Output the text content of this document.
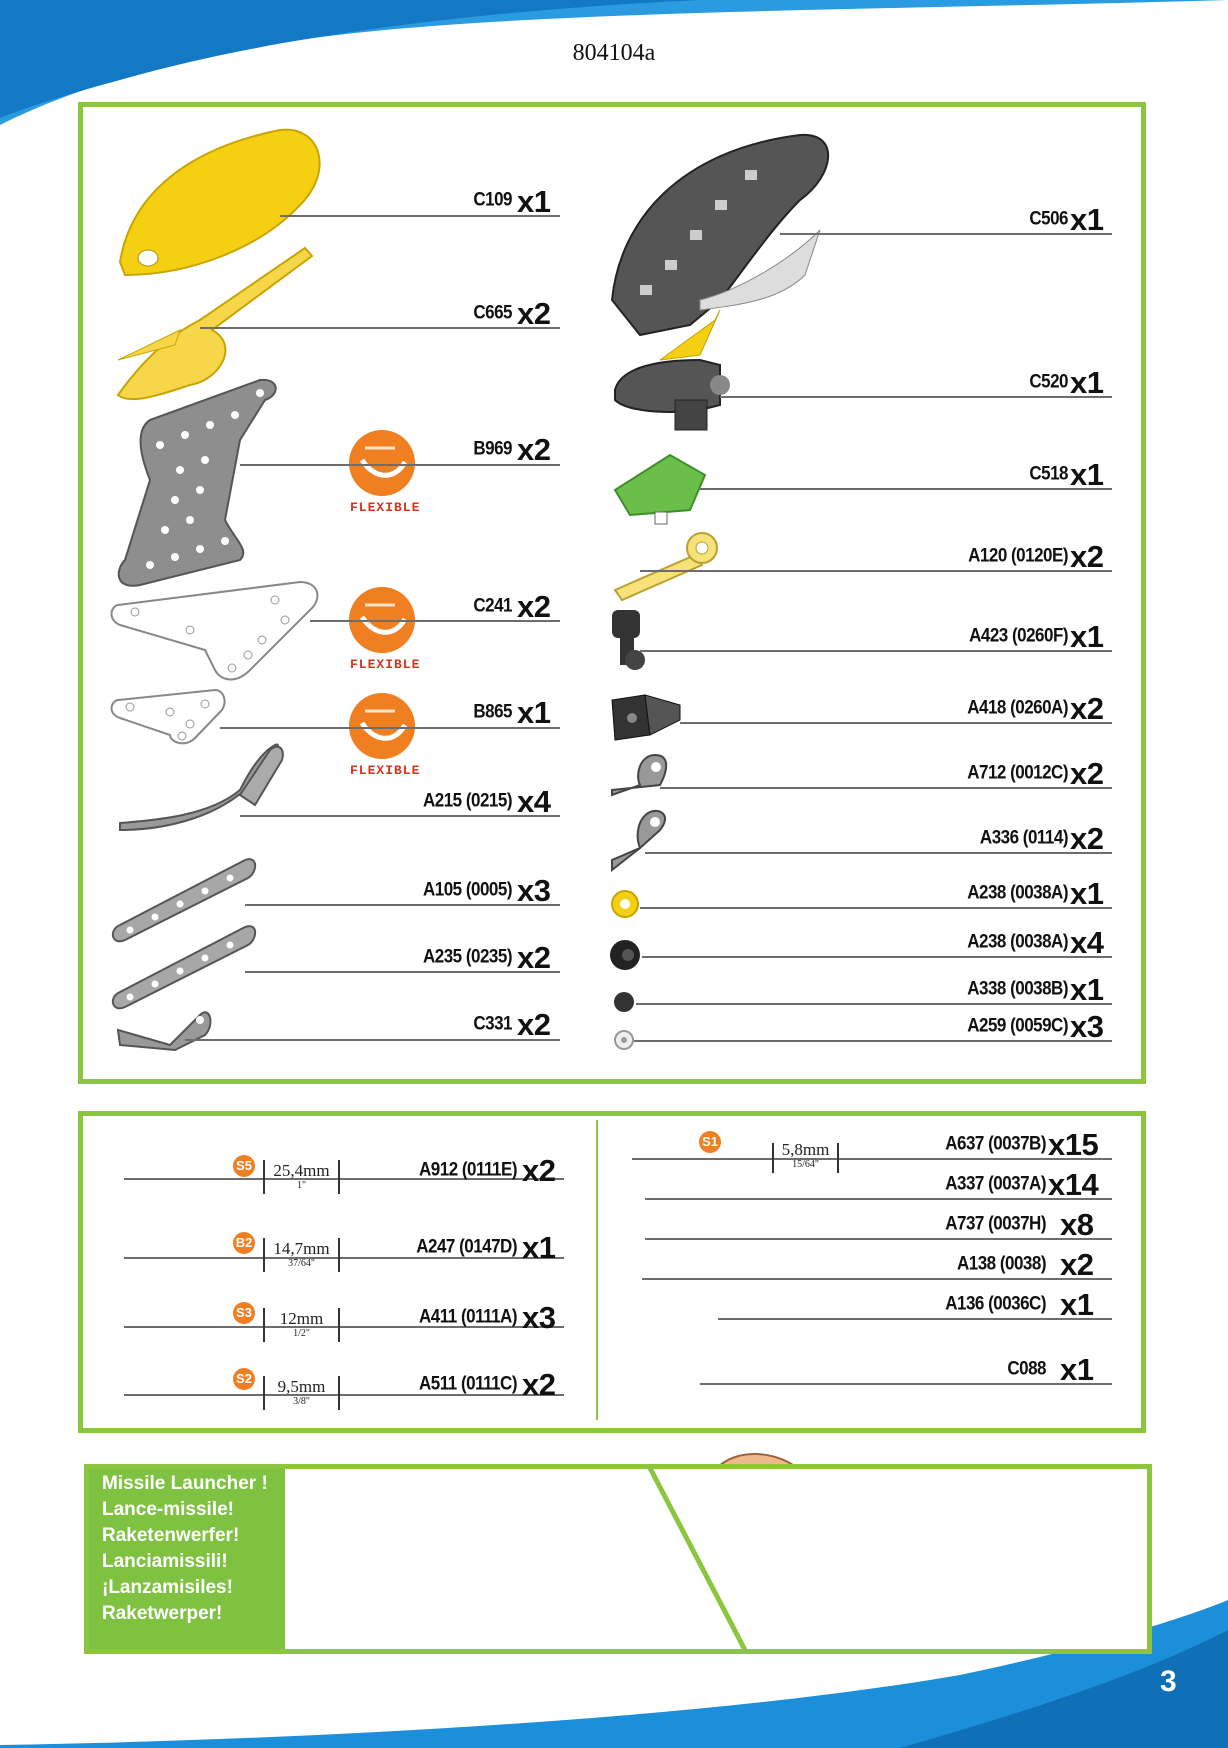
3
804104a
FLEXIBLE
FLEXIBLE
FLEXIBLE
C109 x1
C665 x2
B969 x2
C241 x2
B865 x1
A215 (0215) x4
A105 (0005) x3
A235 (0235) x2
C331 x2
C506 x1
C520 x1
C518 x1
A120 (0120E) x2
A423 (0260F) x1
A418 (0260A) x2
A712 (0012C) x2
A336 (0114) x2
A238 (0038A) x1
A238 (0038A) x4
A338 (0038B) x1
A259 (0059C) x3
S5	25,4mm
1"
A912 (0111E) x2
B2	14,7mm
37/64"
A247 (0147D) x1
S3	12mm
1/2"
A411 (0111A) x3
S2	9,5mm
3/8"
A511 (0111C) x2
S1	5,8mm
15/64"
A637 (0037B) x15
A337 (0037A) x14
A737 (0037H) x8
A138 (0038) x2
A136 (0036C) x1
C088 x1
Missile Launcher !
Lance-missile!
Raketenwerfer!
Lanciamissili!
¡Lanzamisiles!
Raketwerper!
